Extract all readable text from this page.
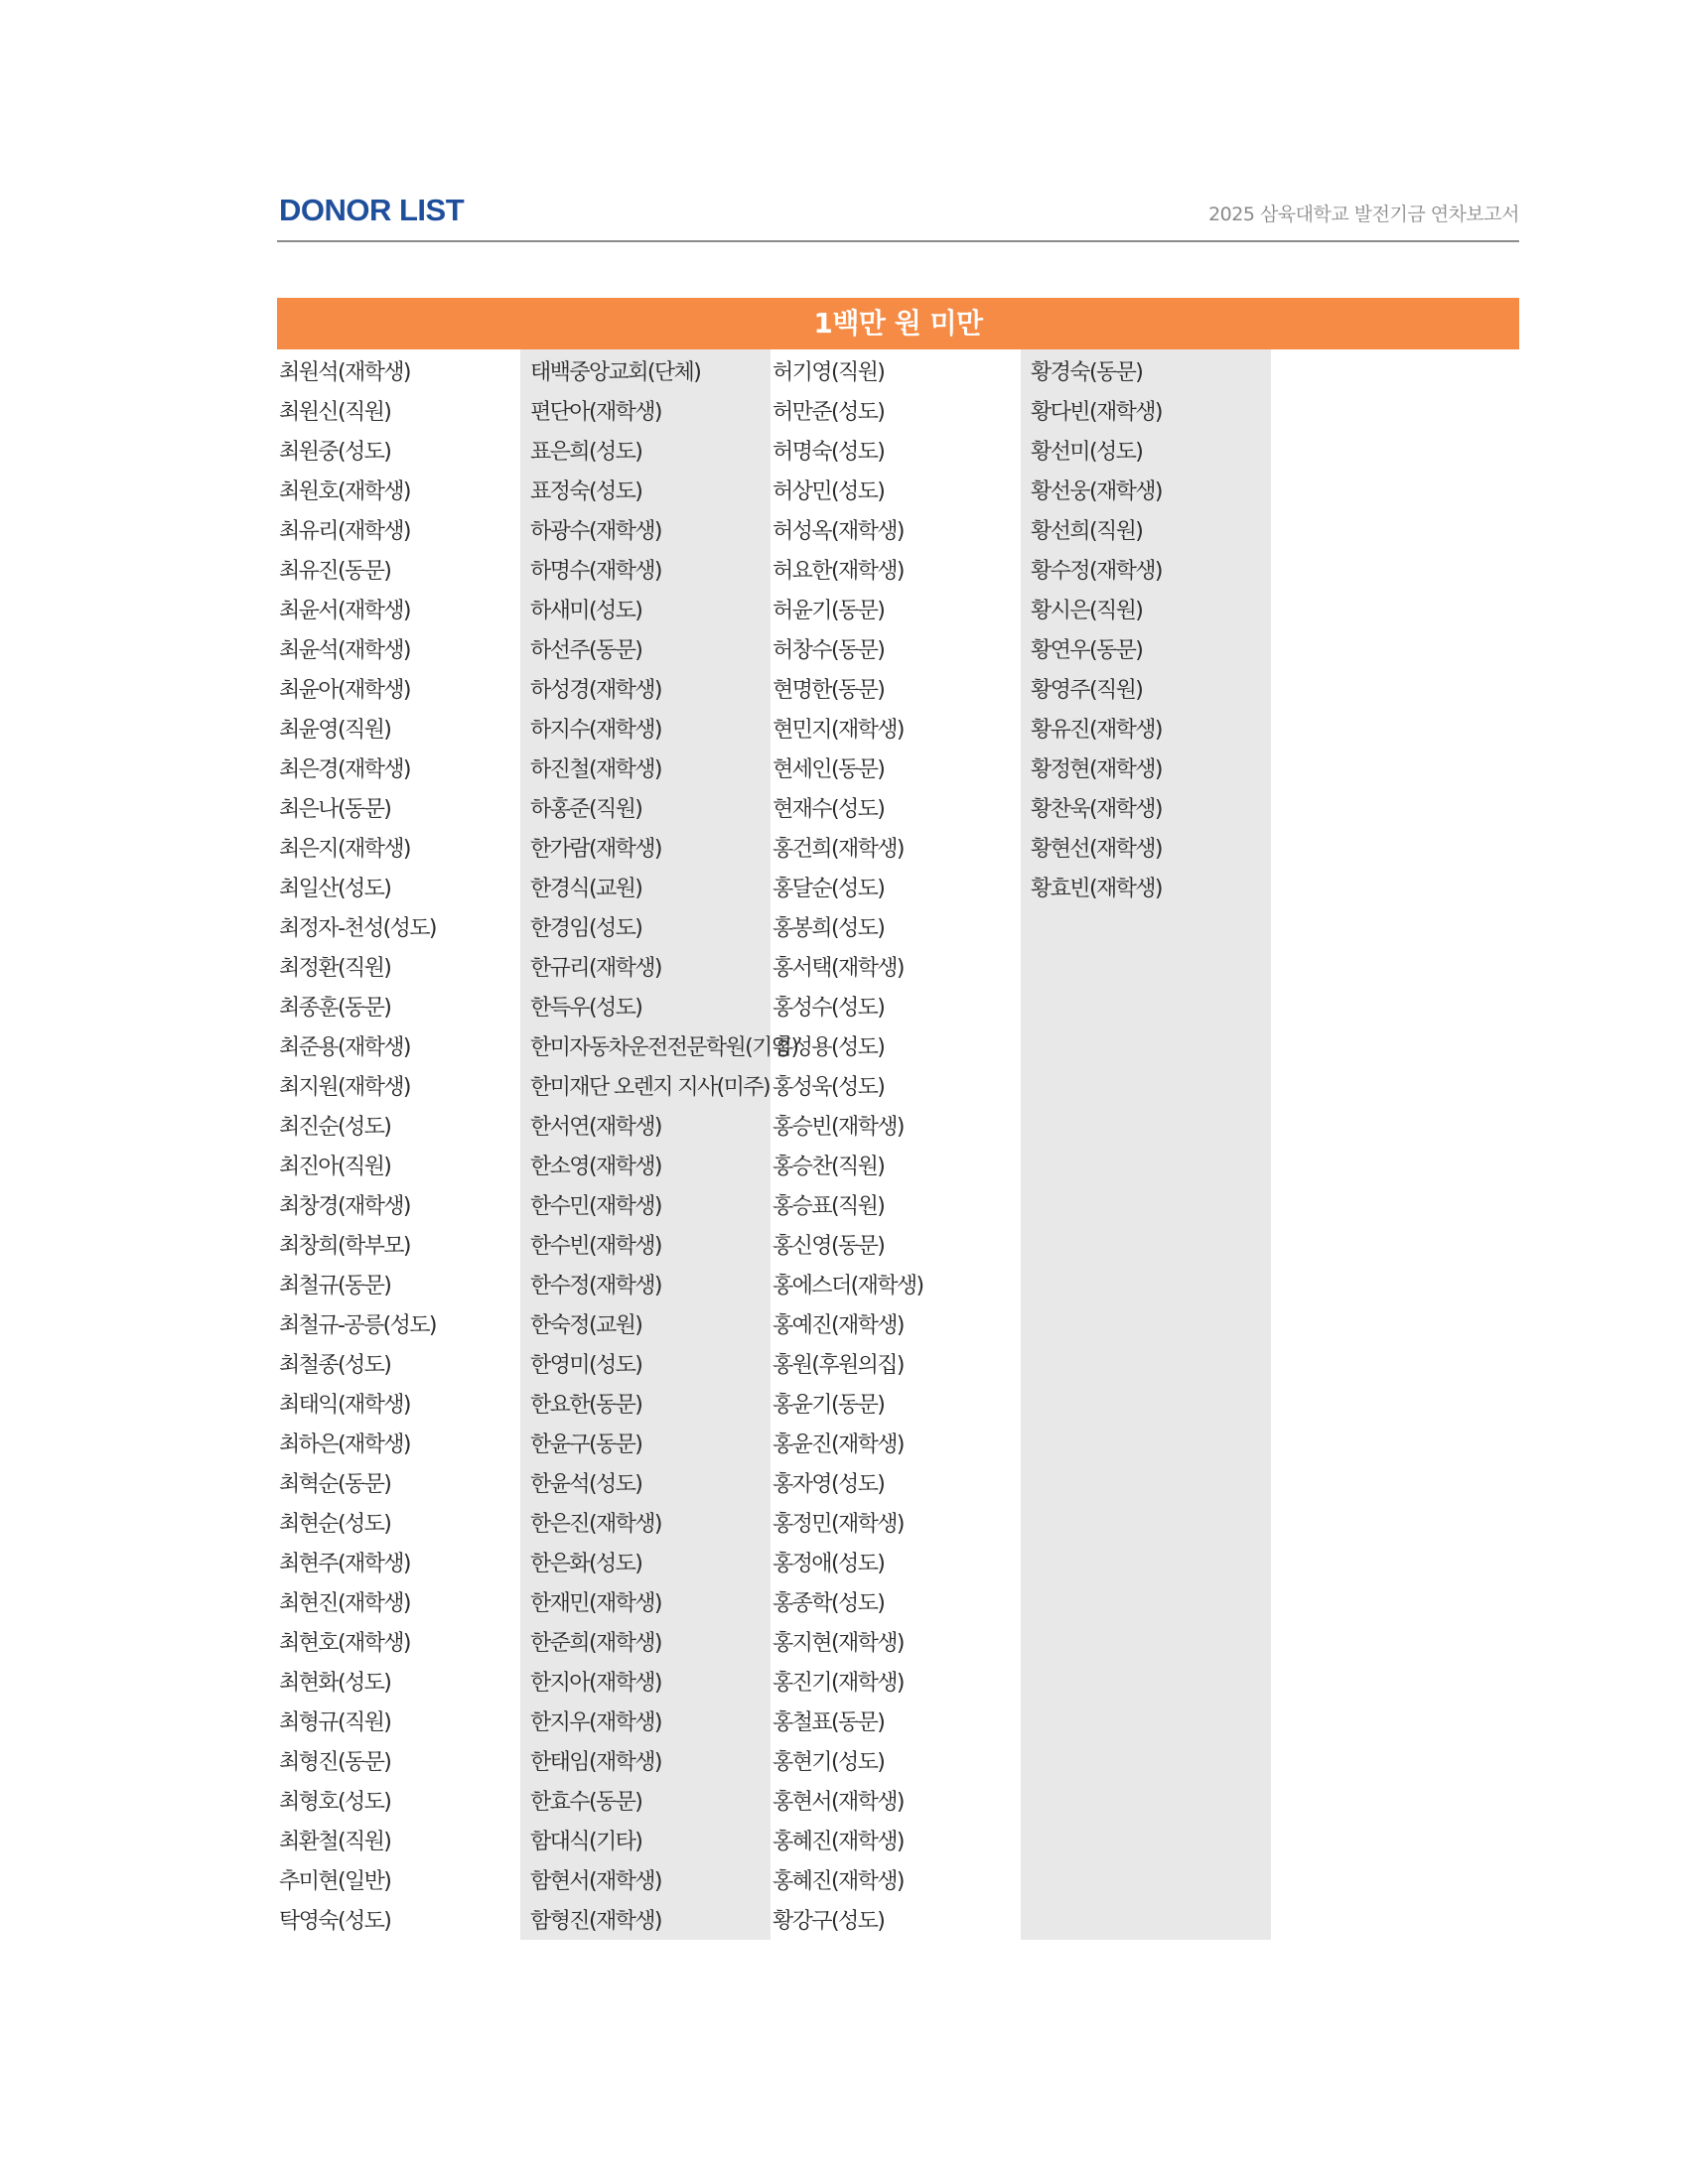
DONOR LIST	2025 삼육대학교 발전기금 연차보고서
1백만 원 미만
최원석(재학생)
최원신(직원)
최원중(성도)
최원호(재학생)
최유리(재학생)
최유진(동문)
최윤서(재학생)
최윤석(재학생)
최윤아(재학생)
최윤영(직원)
최은경(재학생)
최은나(동문)
최은지(재학생)
최일산(성도)
최정자-천성(성도)
최정환(직원)
최종훈(동문)
최준용(재학생)
최지원(재학생)
최진순(성도)
최진아(직원)
최창경(재학생)
최창희(학부모)
최철규(동문)
최철규-공릉(성도)
최철종(성도)
최태익(재학생)
최하은(재학생)
최혁순(동문)
최현순(성도)
최현주(재학생)
최현진(재학생)
최현호(재학생)
최현화(성도)
최형규(직원)
최형진(동문)
최형호(성도)
최환철(직원)
추미현(일반)
탁영숙(성도)
태백중앙교회(단체)
편단아(재학생)
표은희(성도)
표정숙(성도)
하광수(재학생)
하명수(재학생)
하새미(성도)
하선주(동문)
하성경(재학생)
하지수(재학생)
하진철(재학생)
하홍준(직원)
한가람(재학생)
한경식(교원)
한경임(성도)
한규리(재학생)
한득우(성도)
한미자동차운전전문학원(기업)
한미재단 오렌지 지사(미주)
한서연(재학생)
한소영(재학생)
한수민(재학생)
한수빈(재학생)
한수정(재학생)
한숙정(교원)
한영미(성도)
한요한(동문)
한윤구(동문)
한윤석(성도)
한은진(재학생)
한은화(성도)
한재민(재학생)
한준희(재학생)
한지아(재학생)
한지우(재학생)
한태임(재학생)
한효수(동문)
함대식(기타)
함현서(재학생)
함형진(재학생)
허기영(직원)
허만준(성도)
허명숙(성도)
허상민(성도)
허성옥(재학생)
허요한(재학생)
허윤기(동문)
허창수(동문)
현명한(동문)
현민지(재학생)
현세인(동문)
현재수(성도)
홍건희(재학생)
홍달순(성도)
홍봉희(성도)
홍서택(재학생)
홍성수(성도)
홍성용(성도)
홍성욱(성도)
홍승빈(재학생)
홍승찬(직원)
홍승표(직원)
홍신영(동문)
홍에스더(재학생)
홍예진(재학생)
홍원(후원의집)
홍윤기(동문)
홍윤진(재학생)
홍자영(성도)
홍정민(재학생)
홍정애(성도)
홍종학(성도)
홍지현(재학생)
홍진기(재학생)
홍철표(동문)
홍현기(성도)
홍현서(재학생)
홍혜진(재학생)
홍혜진(재학생)
황강구(성도)
황경숙(동문)
황다빈(재학생)
황선미(성도)
황선웅(재학생)
황선희(직원)
황수정(재학생)
황시은(직원)
황연우(동문)
황영주(직원)
황유진(재학생)
황정현(재학생)
황찬욱(재학생)
황현선(재학생)
황효빈(재학생)
